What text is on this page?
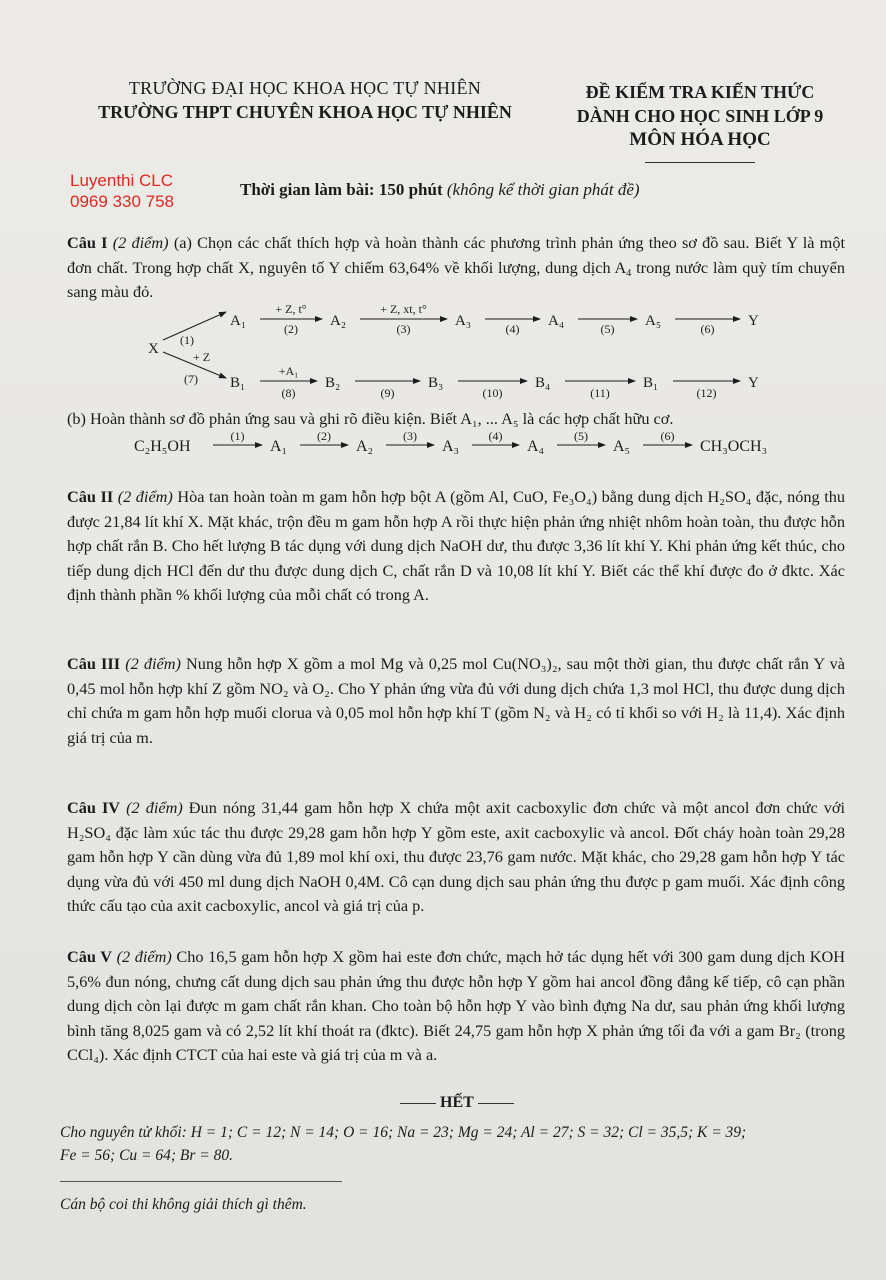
TRƯỜNG ĐẠI HỌC KHOA HỌC TỰ NHIÊN
TRƯỜNG THPT CHUYÊN KHOA HỌC TỰ NHIÊN
ĐỀ KIỂM TRA KIẾN THỨC
DÀNH CHO HỌC SINH LỚP 9
MÔN HÓA HỌC
Luyenthi CLC
0969 330 758
Thời gian làm bài: 150 phút (không kể thời gian phát đề)
Câu I (2 điểm) (a) Chọn các chất thích hợp và hoàn thành các phương trình phản ứng theo sơ đồ sau. Biết Y là một đơn chất. Trong hợp chất X, nguyên tố Y chiếm 63,64% về khối lượng, dung dịch $A_4$ trong nước làm quỳ tím chuyển sang màu đỏ.
X
(1)
+ Z
(7)
A₁	A₂	A₃	A₄	A₅	Y
+ Z, t°
(2)
+ Z, xt, t°
(3)	(4)	(5)	(6)
B₁	B₂	B₃	B₄	B₁	Y
+A₁
(8)	(9)	(10)	(11)	(12)
(b) Hoàn thành sơ đồ phản ứng sau và ghi rõ điều kiện. Biết A₁, ... A₅ là các hợp chất hữu cơ.
C₂H₅OH
(1)
A₁
(2)
A₂
(3)
A₃
(4)
A₄
(5)
A₅
(6)
CH₃OCH₃
Câu II (2 điểm) Hòa tan hoàn toàn m gam hỗn hợp bột A (gồm Al, CuO, Fe₃O₄) bằng dung dịch H₂SO₄ đặc, nóng thu được 21,84 lít khí X. Mặt khác, trộn đều m gam hỗn hợp A rồi thực hiện phản ứng nhiệt nhôm hoàn toàn, thu được hỗn hợp chất rắn B. Cho hết lượng B tác dụng với dung dịch NaOH dư, thu được 3,36 lít khí Y. Khi phản ứng kết thúc, cho tiếp dung dịch HCl đến dư thu được dung dịch C, chất rắn D và 10,08 lít khí Y. Biết các thể khí được đo ở đktc. Xác định thành phần % khối lượng của mỗi chất có trong A.
Câu III (2 điểm) Nung hỗn hợp X gồm a mol Mg và 0,25 mol Cu(NO₃)₂, sau một thời gian, thu được chất rắn Y và 0,45 mol hỗn hợp khí Z gồm NO₂ và O₂. Cho Y phản ứng vừa đủ với dung dịch chứa 1,3 mol HCl, thu được dung dịch chỉ chứa m gam hỗn hợp muối clorua và 0,05 mol hỗn hợp khí T (gồm N₂ và H₂ có tỉ khối so với H₂ là 11,4). Xác định giá trị của m.
Câu IV (2 điểm) Đun nóng 31,44 gam hỗn hợp X chứa một axit cacboxylic đơn chức và một ancol đơn chức với H₂SO₄ đặc làm xúc tác thu được 29,28 gam hỗn hợp Y gồm este, axit cacboxylic và ancol. Đốt cháy hoàn toàn 29,28 gam hỗn hợp Y cần dùng vừa đủ 1,89 mol khí oxi, thu được 23,76 gam nước. Mặt khác, cho 29,28 gam hỗn hợp Y tác dụng vừa đủ với 450 ml dung dịch NaOH 0,4M. Cô cạn dung dịch sau phản ứng thu được p gam muối. Xác định công thức cấu tạo của axit cacboxylic, ancol và giá trị của p.
Câu V (2 điểm) Cho 16,5 gam hỗn hợp X gồm hai este đơn chức, mạch hở tác dụng hết với 300 gam dung dịch KOH 5,6% đun nóng, chưng cất dung dịch sau phản ứng thu được hỗn hợp Y gồm hai ancol đồng đẳng kế tiếp, cô cạn phần dung dịch còn lại được m gam chất rắn khan. Cho toàn bộ hỗn hợp Y vào bình đựng Na dư, sau phản ứng khối lượng bình tăng 8,025 gam và có 2,52 lít khí thoát ra (đktc). Biết 24,75 gam hỗn hợp X phản ứng tối đa với a gam Br₂ (trong CCl₄). Xác định CTCT của hai este và giá trị của m và a.
HẾT
Cho nguyên tử khối: H = 1; C = 12; N = 14; O = 16; Na = 23; Mg = 24; Al = 27; S = 32; Cl = 35,5; K = 39;
Fe = 56; Cu = 64; Br = 80.
Cán bộ coi thi không giải thích gì thêm.
